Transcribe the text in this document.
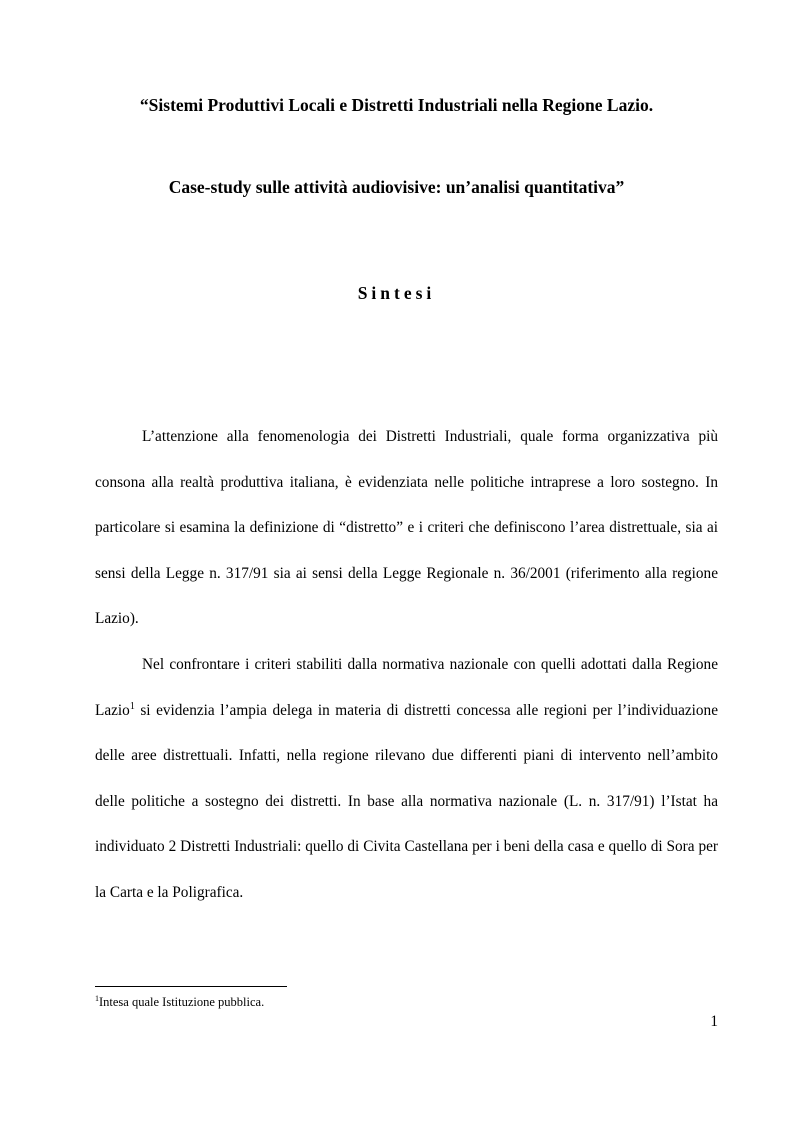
“Sistemi Produttivi Locali e Distretti Industriali nella Regione Lazio.
Case-study sulle attività audiovisive: un’analisi quantitativa”
Sintesi

L’attenzione alla fenomenologia dei Distretti Industriali, quale forma organizzativa più consona alla realtà produttiva italiana, è evidenziata nelle politiche intraprese a loro sostegno. In particolare si esamina la definizione di “distretto” e i criteri che definiscono l’area distrettuale, sia ai sensi della Legge n. 317/91 sia ai sensi della Legge Regionale n. 36/2001 (riferimento alla regione Lazio).

Nel confrontare i criteri stabiliti dalla normativa nazionale con quelli adottati dalla Regione Lazio$^1$ si evidenzia l’ampia delega in materia di distretti concessa alle regioni per l’individuazione delle aree distrettuali. Infatti, nella regione rilevano due differenti piani di intervento nell’ambito delle politiche a sostegno dei distretti. In base alla normativa nazionale (L. n. 317/91) l’Istat ha individuato 2 Distretti Industriali: quello di Civita Castellana per i beni della casa e quello di Sora per la Carta e la Poligrafica.

$^1$Intesa quale Istituzione pubblica.
1
